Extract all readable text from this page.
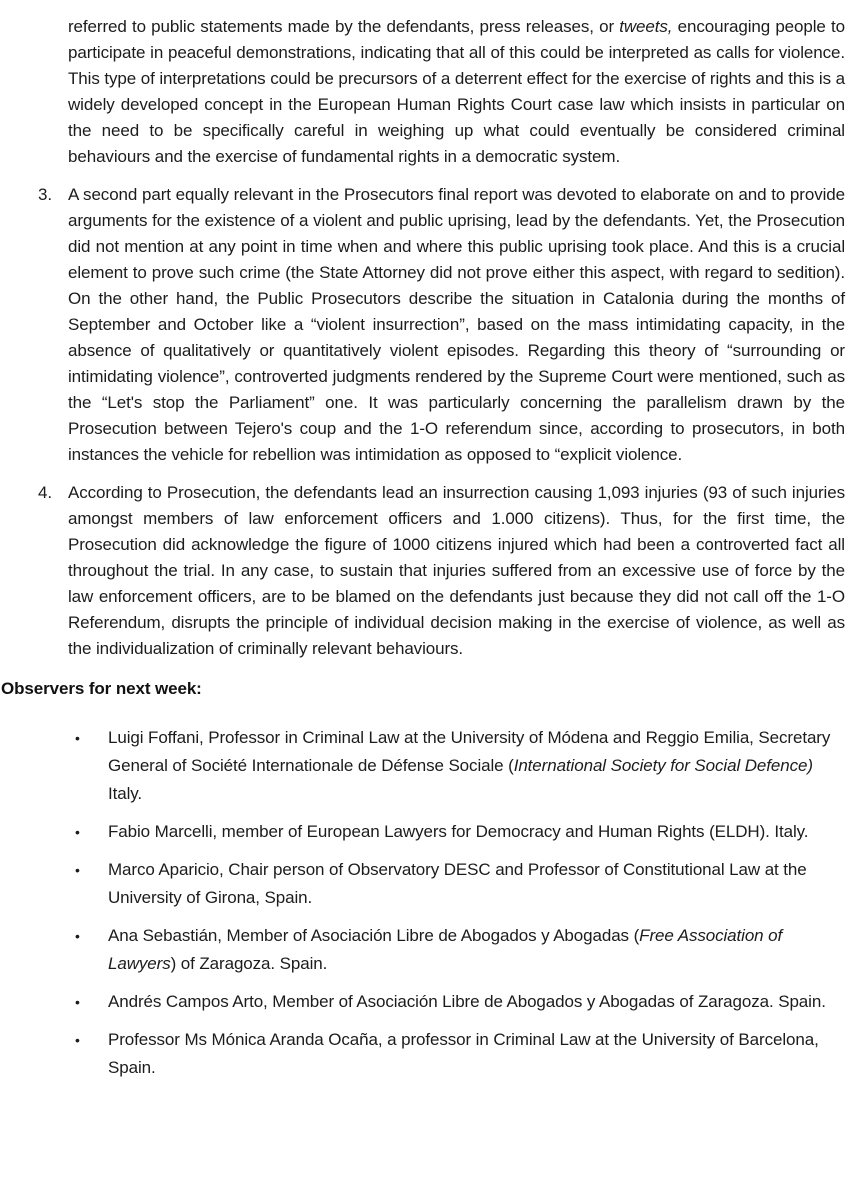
referred to public statements made by the defendants, press releases, or tweets, encouraging people to participate in peaceful demonstrations, indicating that all of this could be interpreted as calls for violence. This type of interpretations could be precursors of a deterrent effect for the exercise of rights and this is a widely developed concept in the European Human Rights Court case law which insists in particular on the need to be specifically careful in weighing up what could eventually be considered criminal behaviours and the exercise of fundamental rights in a democratic system.

3. A second part equally relevant in the Prosecutors final report was devoted to elaborate on and to provide arguments for the existence of a violent and public uprising, lead by the defendants. Yet, the Prosecution did not mention at any point in time when and where this public uprising took place. And this is a crucial element to prove such crime (the State Attorney did not prove either this aspect, with regard to sedition). On the other hand, the Public Prosecutors describe the situation in Catalonia during the months of September and October like a “violent insurrection”, based on the mass intimidating capacity, in the absence of qualitatively or quantitatively violent episodes. Regarding this theory of “surrounding or intimidating violence”, controverted judgments rendered by the Supreme Court were mentioned, such as the “Let's stop the Parliament” one. It was particularly concerning the parallelism drawn by the Prosecution between Tejero's coup and the 1-O referendum since, according to prosecutors, in both instances the vehicle for rebellion was intimidation as opposed to “explicit violence.

4. According to Prosecution, the defendants lead an insurrection causing 1,093 injuries (93 of such injuries amongst members of law enforcement officers and 1.000 citizens). Thus, for the first time, the Prosecution did acknowledge the figure of 1000 citizens injured which had been a controverted fact all throughout the trial. In any case, to sustain that injuries suffered from an excessive use of force by the law enforcement officers, are to be blamed on the defendants just because they did not call off the 1-O Referendum, disrupts the principle of individual decision making in the exercise of violence, as well as the individualization of criminally relevant behaviours.

Observers for next week:
•	Luigi Foffani, Professor in Criminal Law at the University of Módena and Reggio Emilia, Secretary General of Société Internationale de Défense Sociale (International Society for Social Defence) Italy.

•	Fabio Marcelli, member of European Lawyers for Democracy and Human Rights (ELDH). Italy.

•	Marco Aparicio, Chair person of Observatory DESC and Professor of Constitutional Law at the University of Girona, Spain.

•	Ana Sebastián, Member of Asociación Libre de Abogados y Abogadas (Free Association of Lawyers) of Zaragoza. Spain.

•	Andrés Campos Arto, Member of Asociación Libre de Abogados y Abogadas of Zaragoza. Spain.

•	Professor Ms Mónica Aranda Ocaña, a professor in Criminal Law at the University of Barcelona, Spain.
